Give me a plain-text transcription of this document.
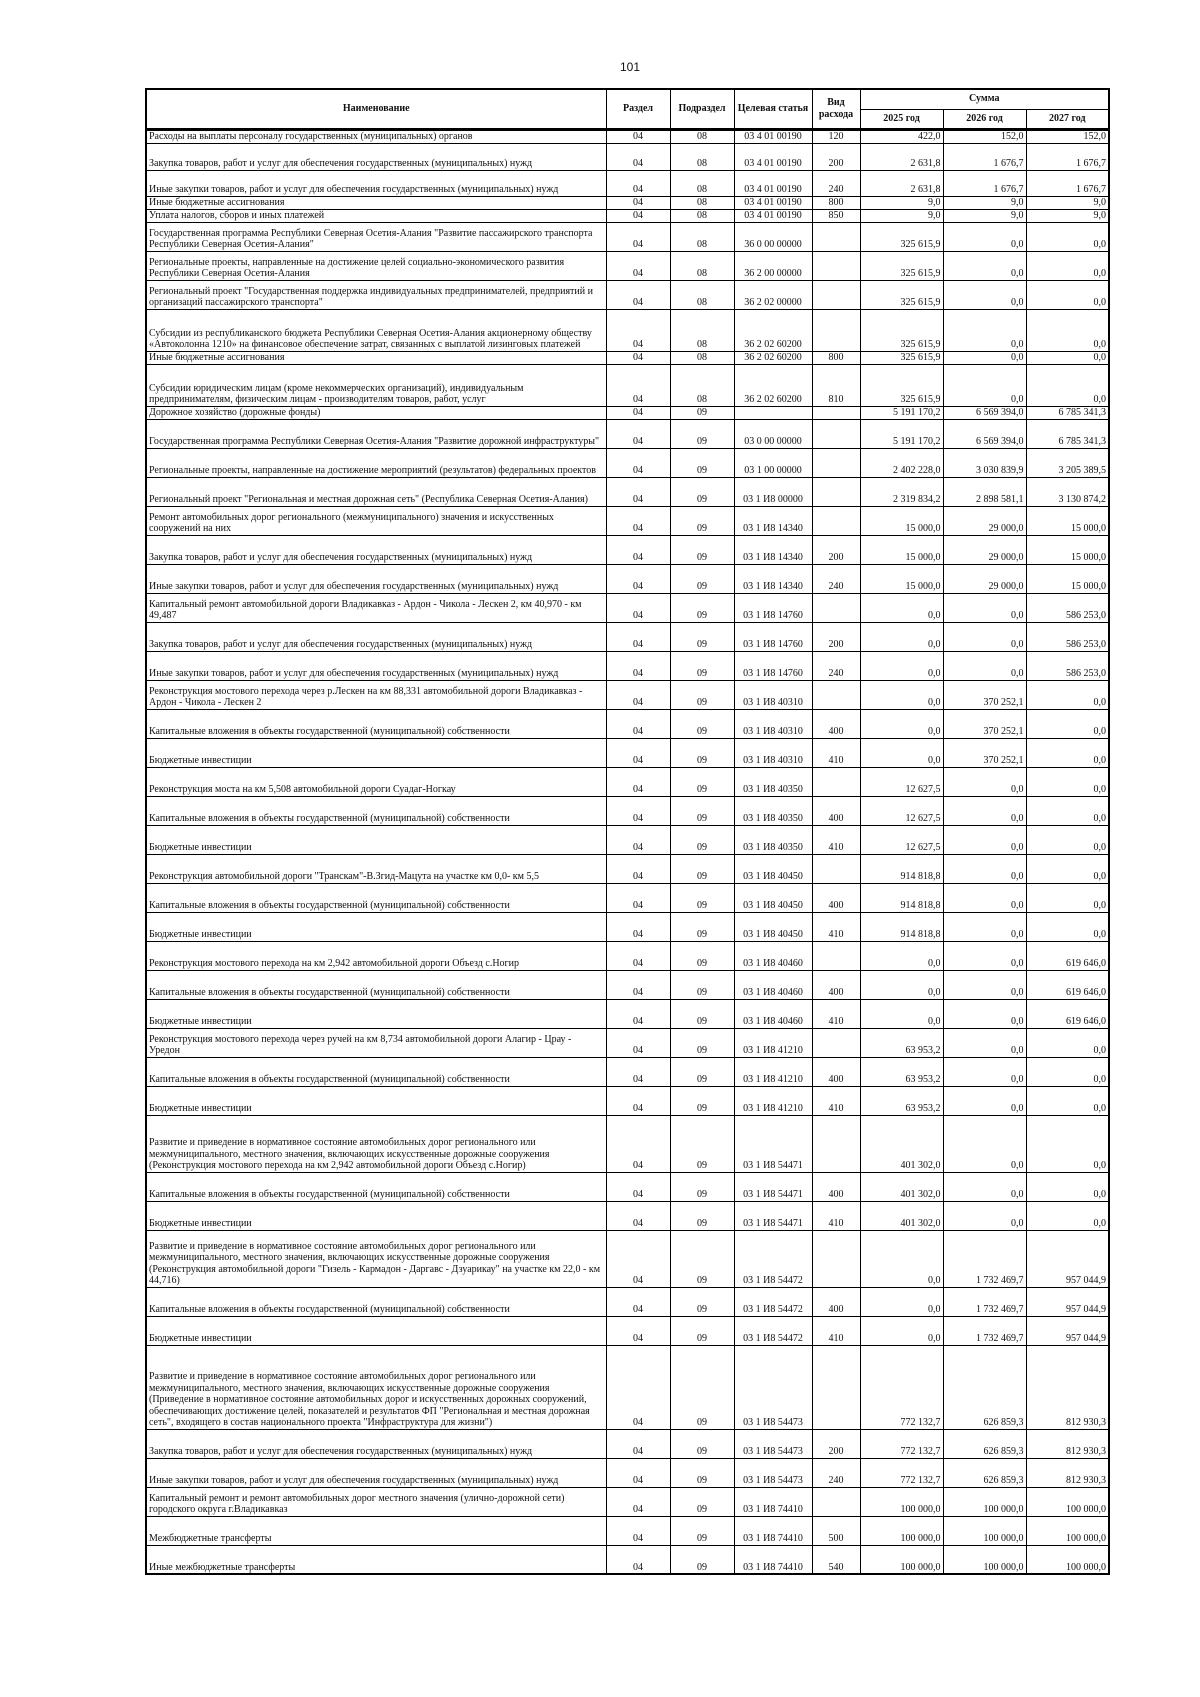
101
Наименование	Раздел	Подраздел	Целевая статья	Вид расхода	Сумма		
					2025 год	2026 год	2027 год
Расходы на выплаты персоналу государственных (муниципальных) органов	04	08	03 4 01 00190	120	422,0	152,0	152,0
Закупка товаров, работ и услуг для обеспечения государственных (муниципальных) нужд	04	08	03 4 01 00190	200	2 631,8	1 676,7	1 676,7
Иные закупки товаров, работ и услуг для обеспечения государственных (муниципальных) нужд	04	08	03 4 01 00190	240	2 631,8	1 676,7	1 676,7
Иные бюджетные ассигнования	04	08	03 4 01 00190	800	9,0	9,0	9,0
Уплата налогов, сборов и иных платежей	04	08	03 4 01 00190	850	9,0	9,0	9,0
Государственная программа Республики Северная Осетия-Алания "Развитие пассажирского транспорта Республики Северная Осетия-Алания"	04	08	36 0 00 00000		325 615,9	0,0	0,0
Региональные проекты, направленные на достижение целей социально-экономического развития Республики Северная Осетия-Алания	04	08	36 2 00 00000		325 615,9	0,0	0,0
Региональный проект "Государственная поддержка индивидуальных предпринимателей, предприятий и организаций пассажирского транспорта"	04	08	36 2 02 00000		325 615,9	0,0	0,0
Субсидии из республиканского бюджета Республики Северная Осетия-Алания акционерному обществу «Автоколонна 1210» на финансовое обеспечение затрат, связанных с выплатой лизинговых платежей	04	08	36 2 02 60200		325 615,9	0,0	0,0
Иные бюджетные ассигнования	04	08	36 2 02 60200	800	325 615,9	0,0	0,0
Субсидии юридическим лицам (кроме некоммерческих организаций), индивидуальным предпринимателям, физическим лицам - производителям товаров, работ, услуг	04	08	36 2 02 60200	810	325 615,9	0,0	0,0
Дорожное хозяйство (дорожные фонды)	04	09			5 191 170,2	6 569 394,0	6 785 341,3
Государственная программа Республики Северная Осетия-Алания "Развитие дорожной инфраструктуры"	04	09	03 0 00 00000		5 191 170,2	6 569 394,0	6 785 341,3
Региональные проекты, направленные на достижение мероприятий (результатов) федеральных проектов	04	09	03 1 00 00000		2 402 228,0	3 030 839,9	3 205 389,5
Региональный проект "Региональная и местная дорожная сеть" (Республика Северная Осетия-Алания)	04	09	03 1 И8 00000		2 319 834,2	2 898 581,1	3 130 874,2
Ремонт автомобильных дорог регионального (межмуниципального) значения и искусственных сооружений на них	04	09	03 1 И8 14340		15 000,0	29 000,0	15 000,0
Закупка товаров, работ и услуг для обеспечения государственных (муниципальных) нужд	04	09	03 1 И8 14340	200	15 000,0	29 000,0	15 000,0
Иные закупки товаров, работ и услуг для обеспечения государственных (муниципальных) нужд	04	09	03 1 И8 14340	240	15 000,0	29 000,0	15 000,0
Капитальный ремонт автомобильной дороги Владикавказ - Ардон - Чикола - Лескен 2, км 40,970 - км 49,487	04	09	03 1 И8 14760		0,0	0,0	586 253,0
Закупка товаров, работ и услуг для обеспечения государственных (муниципальных) нужд	04	09	03 1 И8 14760	200	0,0	0,0	586 253,0
Иные закупки товаров, работ и услуг для обеспечения государственных (муниципальных) нужд	04	09	03 1 И8 14760	240	0,0	0,0	586 253,0
Реконструкция мостового перехода через р.Лескен на км 88,331 автомобильной дороги Владикавказ - Ардон - Чикола - Лескен 2	04	09	03 1 И8 40310		0,0	370 252,1	0,0
Капитальные вложения в объекты государственной (муниципальной) собственности	04	09	03 1 И8 40310	400	0,0	370 252,1	0,0
Бюджетные инвестиции	04	09	03 1 И8 40310	410	0,0	370 252,1	0,0
Реконструкция моста на км 5,508 автомобильной дороги Суадаг-Ногкау	04	09	03 1 И8 40350		12 627,5	0,0	0,0
Капитальные вложения в объекты государственной (муниципальной) собственности	04	09	03 1 И8 40350	400	12 627,5	0,0	0,0
Бюджетные инвестиции	04	09	03 1 И8 40350	410	12 627,5	0,0	0,0
Реконструкция автомобильной дороги "Транскам"-В.Згид-Мацута на участке км 0,0- км 5,5	04	09	03 1 И8 40450		914 818,8	0,0	0,0
Капитальные вложения в объекты государственной (муниципальной) собственности	04	09	03 1 И8 40450	400	914 818,8	0,0	0,0
Бюджетные инвестиции	04	09	03 1 И8 40450	410	914 818,8	0,0	0,0
Реконструкция мостового перехода на км 2,942 автомобильной дороги Объезд с.Ногир	04	09	03 1 И8 40460		0,0	0,0	619 646,0
Капитальные вложения в объекты государственной (муниципальной) собственности	04	09	03 1 И8 40460	400	0,0	0,0	619 646,0
Бюджетные инвестиции	04	09	03 1 И8 40460	410	0,0	0,0	619 646,0
Реконструкция мостового перехода через ручей на км 8,734 автомобильной дороги Алагир - Црау - Уредон	04	09	03 1 И8 41210		63 953,2	0,0	0,0
Капитальные вложения в объекты государственной (муниципальной) собственности	04	09	03 1 И8 41210	400	63 953,2	0,0	0,0
Бюджетные инвестиции	04	09	03 1 И8 41210	410	63 953,2	0,0	0,0
Развитие и приведение в нормативное состояние автомобильных дорог регионального или межмуниципального, местного значения, включающих искусственные дорожные сооружения (Реконструкция мостового перехода на км 2,942 автомобильной дороги Объезд с.Ногир)	04	09	03 1 И8 54471		401 302,0	0,0	0,0
Капитальные вложения в объекты государственной (муниципальной) собственности	04	09	03 1 И8 54471	400	401 302,0	0,0	0,0
Бюджетные инвестиции	04	09	03 1 И8 54471	410	401 302,0	0,0	0,0
Развитие и приведение в нормативное состояние автомобильных дорог регионального или межмуниципального, местного значения, включающих искусственные дорожные сооружения (Реконструкция автомобильной дороги "Гизель - Кармадон - Даргавс - Дзуарикау" на участке км 22,0 - км 44,716)	04	09	03 1 И8 54472		0,0	1 732 469,7	957 044,9
Капитальные вложения в объекты государственной (муниципальной) собственности	04	09	03 1 И8 54472	400	0,0	1 732 469,7	957 044,9
Бюджетные инвестиции	04	09	03 1 И8 54472	410	0,0	1 732 469,7	957 044,9
Развитие и приведение в нормативное состояние автомобильных дорог регионального или межмуниципального, местного значения, включающих искусственные дорожные сооружения (Приведение в нормативное состояние автомобильных дорог и искусственных дорожных сооружений, обеспечивающих достижение целей, показателей и результатов ФП "Региональная и местная дорожная сеть", входящего в состав национального проекта "Инфраструктура для жизни")	04	09	03 1 И8 54473		772 132,7	626 859,3	812 930,3
Закупка товаров, работ и услуг для обеспечения государственных (муниципальных) нужд	04	09	03 1 И8 54473	200	772 132,7	626 859,3	812 930,3
Иные закупки товаров, работ и услуг для обеспечения государственных (муниципальных) нужд	04	09	03 1 И8 54473	240	772 132,7	626 859,3	812 930,3
Капитальный ремонт и ремонт автомобильных дорог местного значения (улично-дорожной сети) городского округа г.Владикавказ	04	09	03 1 И8 74410		100 000,0	100 000,0	100 000,0
Межбюджетные трансферты	04	09	03 1 И8 74410	500	100 000,0	100 000,0	100 000,0
Иные межбюджетные трансферты	04	09	03 1 И8 74410	540	100 000,0	100 000,0	100 000,0
